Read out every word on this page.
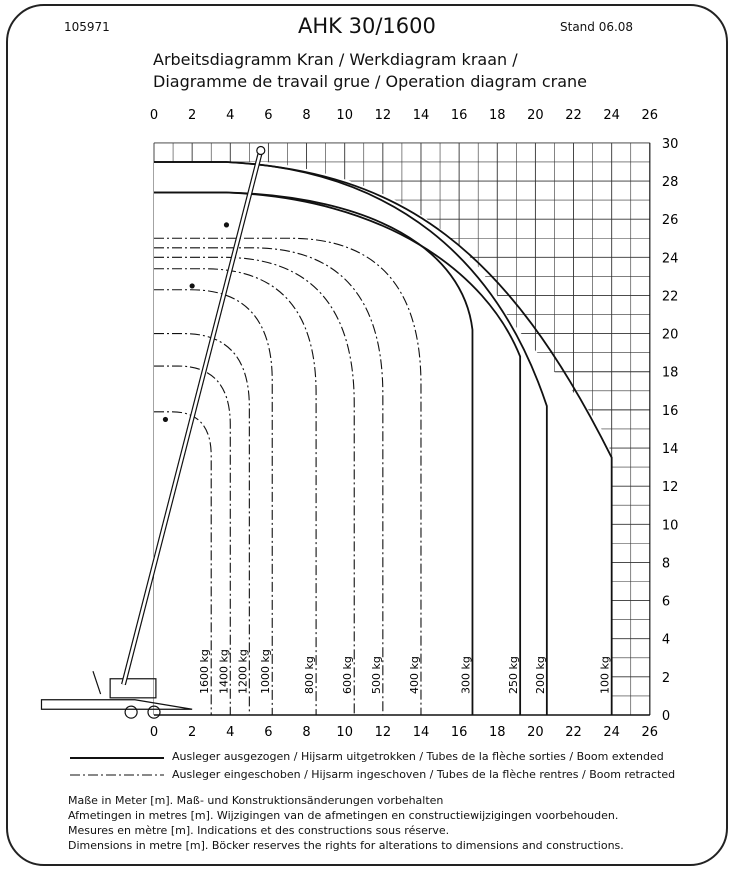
105971	AHK 30/1600	Stand 06.08
Arbeitsdiagramm Kran / Werkdiagram kraan /
Diagramme de travail grue / Operation diagram crane
0
0
2
2
4
4
6
6
8
8
10
10
12
12
14
14
16
16
18
18
20
20
22
22
24
24
26
26
0
2
4
6
8
10
12
14
16
18
20
22
24
26
28
30
1600 kg 1400 kg 1200 kg 1000 kg	800 kg 600 kg 500 kg 400 kg	300 kg	250 kg 200 kg	100 kg
Ausleger ausgezogen / Hijsarm uitgetrokken / Tubes de la flèche sorties / Boom extended
Ausleger eingeschoben / Hijsarm ingeschoven / Tubes de la flèche rentres / Boom retracted
Maße in Meter [m]. Maß- und Konstruktionsänderungen vorbehalten
Afmetingen in metres [m]. Wijzigingen van de afmetingen en constructiewijzigingen voorbehouden.
Mesures en mètre [m]. Indications et des constructions sous réserve.
Dimensions in metre [m]. Böcker reserves the rights for alterations to dimensions and constructions.
